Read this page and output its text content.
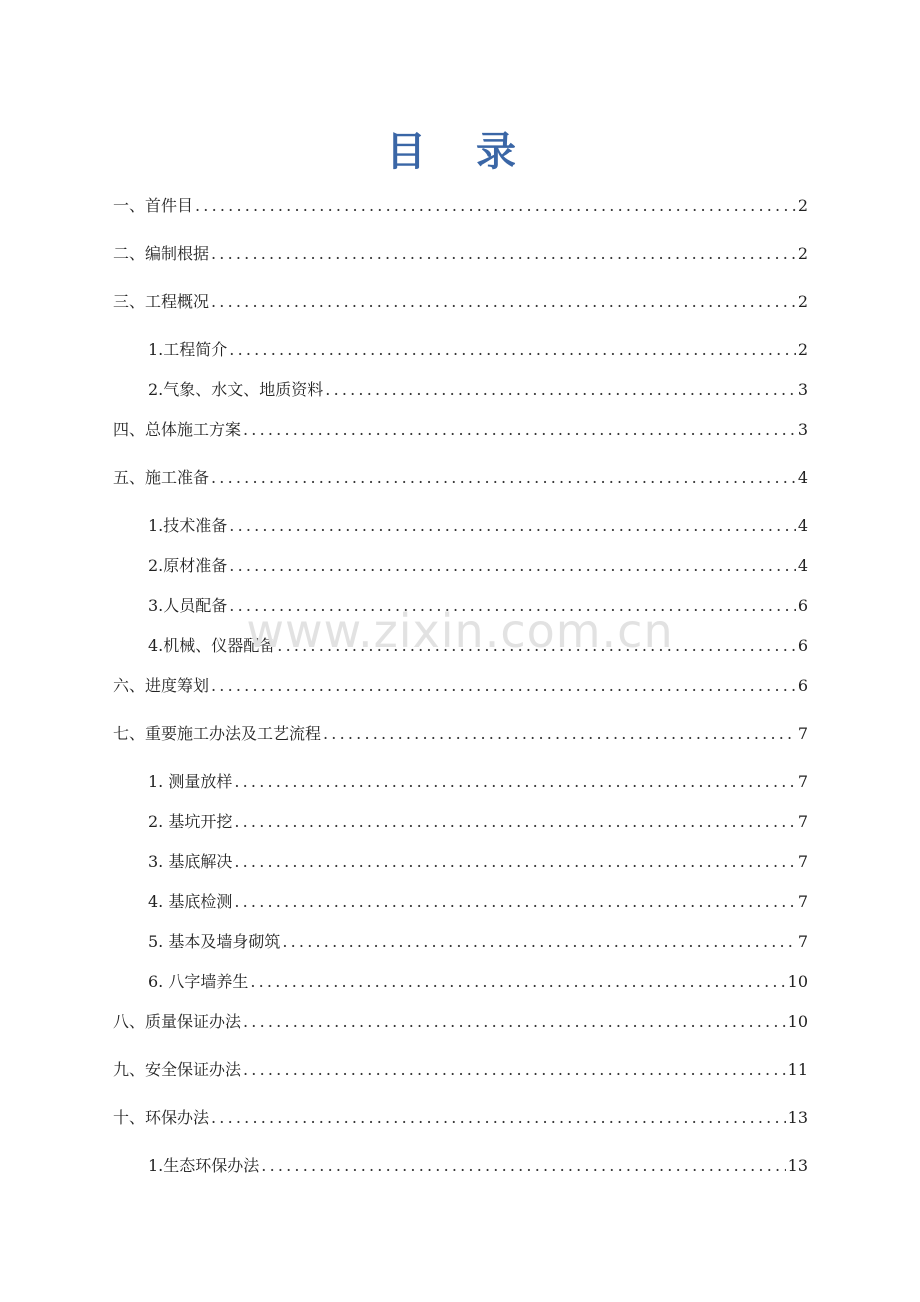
目 录
一、首件目 .....	2
二、编制根据 .....	2
三、工程概况 .....	2
1.工程简介 .....	2
2.气象、水文、地质资料 .....	3
四、总体施工方案 .....	3
五、施工准备 .....	4
1.技术准备 .....	4
2.原材准备 .....	4
3.人员配备 .....	6
4.机械、仪器配备 .....	6
六、进度筹划 .....	6
七、重要施工办法及工艺流程 .....	7
1. 测量放样 .....	7
2. 基坑开挖 .....	7
3. 基底解决 .....	7
4. 基底检测 .....	7
5. 基本及墙身砌筑 .....	7
6. 八字墙养生 .....	10
八、质量保证办法 .....	10
九、安全保证办法 .....	11
十、环保办法 .....	13
1.生态环保办法 .....	13
www.zixin.com.cn
